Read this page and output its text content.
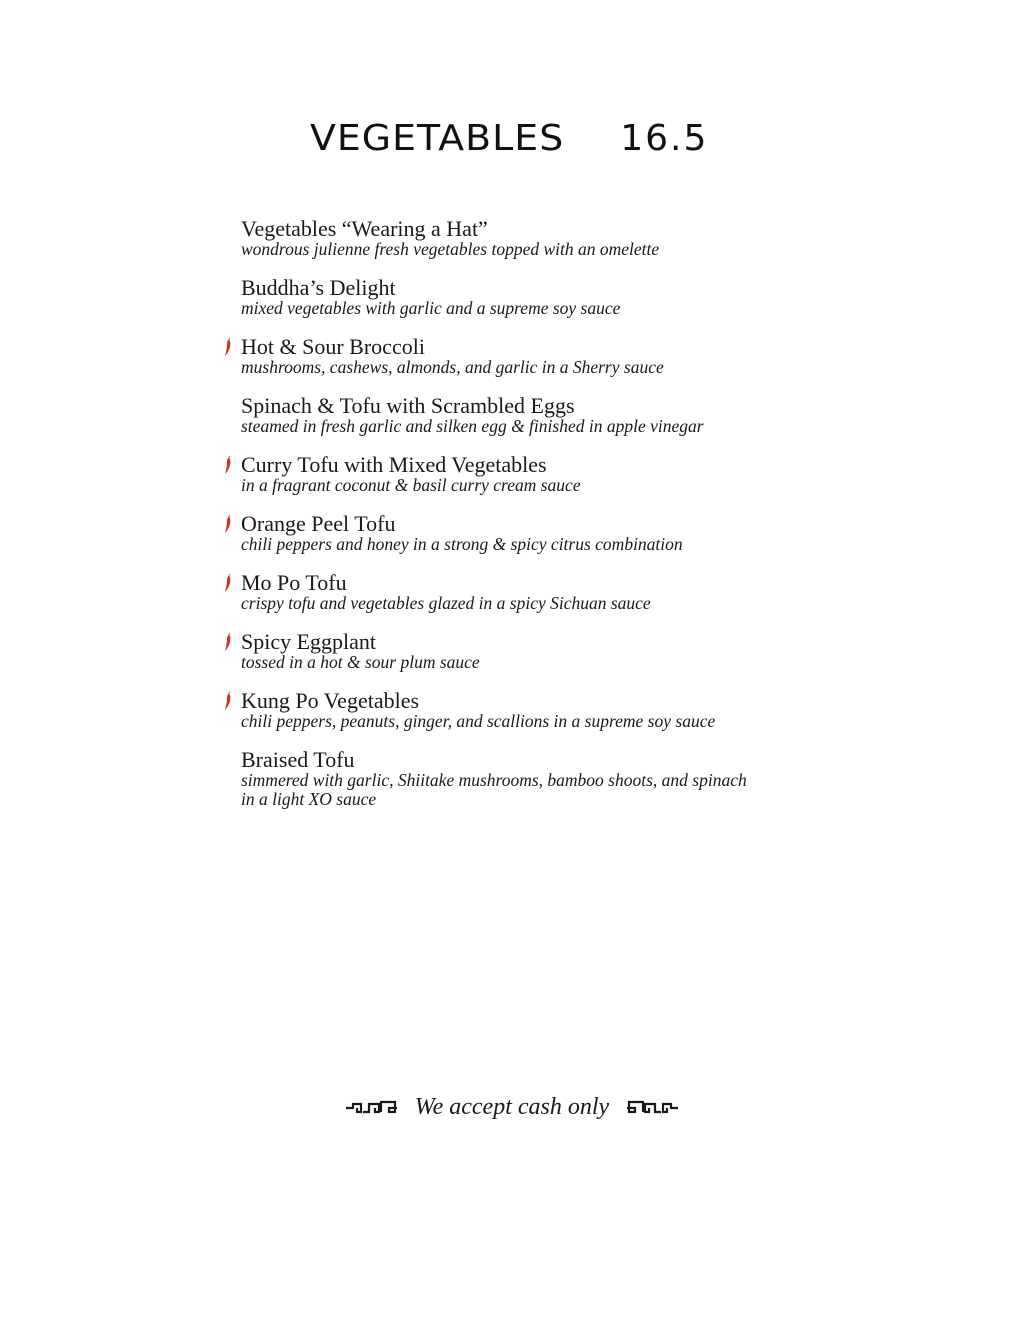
VEGETABLES 16.5
Vegetables “Wearing a Hat”
wondrous julienne fresh vegetables topped with an omelette
Buddha’s Delight
mixed vegetables with garlic and a supreme soy sauce
Hot & Sour Broccoli
mushrooms, cashews, almonds, and garlic in a Sherry sauce
Spinach & Tofu with Scrambled Eggs
steamed in fresh garlic and silken egg & finished in apple vinegar
Curry Tofu with Mixed Vegetables
in a fragrant coconut & basil curry cream sauce
Orange Peel Tofu
chili peppers and honey in a strong & spicy citrus combination
Mo Po Tofu
crispy tofu and vegetables glazed in a spicy Sichuan sauce
Spicy Eggplant
tossed in a hot & sour plum sauce
Kung Po Vegetables
chili peppers, peanuts, ginger, and scallions in a supreme soy sauce
Braised Tofu
simmered with garlic, Shiitake mushrooms, bamboo shoots, and spinach in a light XO sauce
We accept cash only
